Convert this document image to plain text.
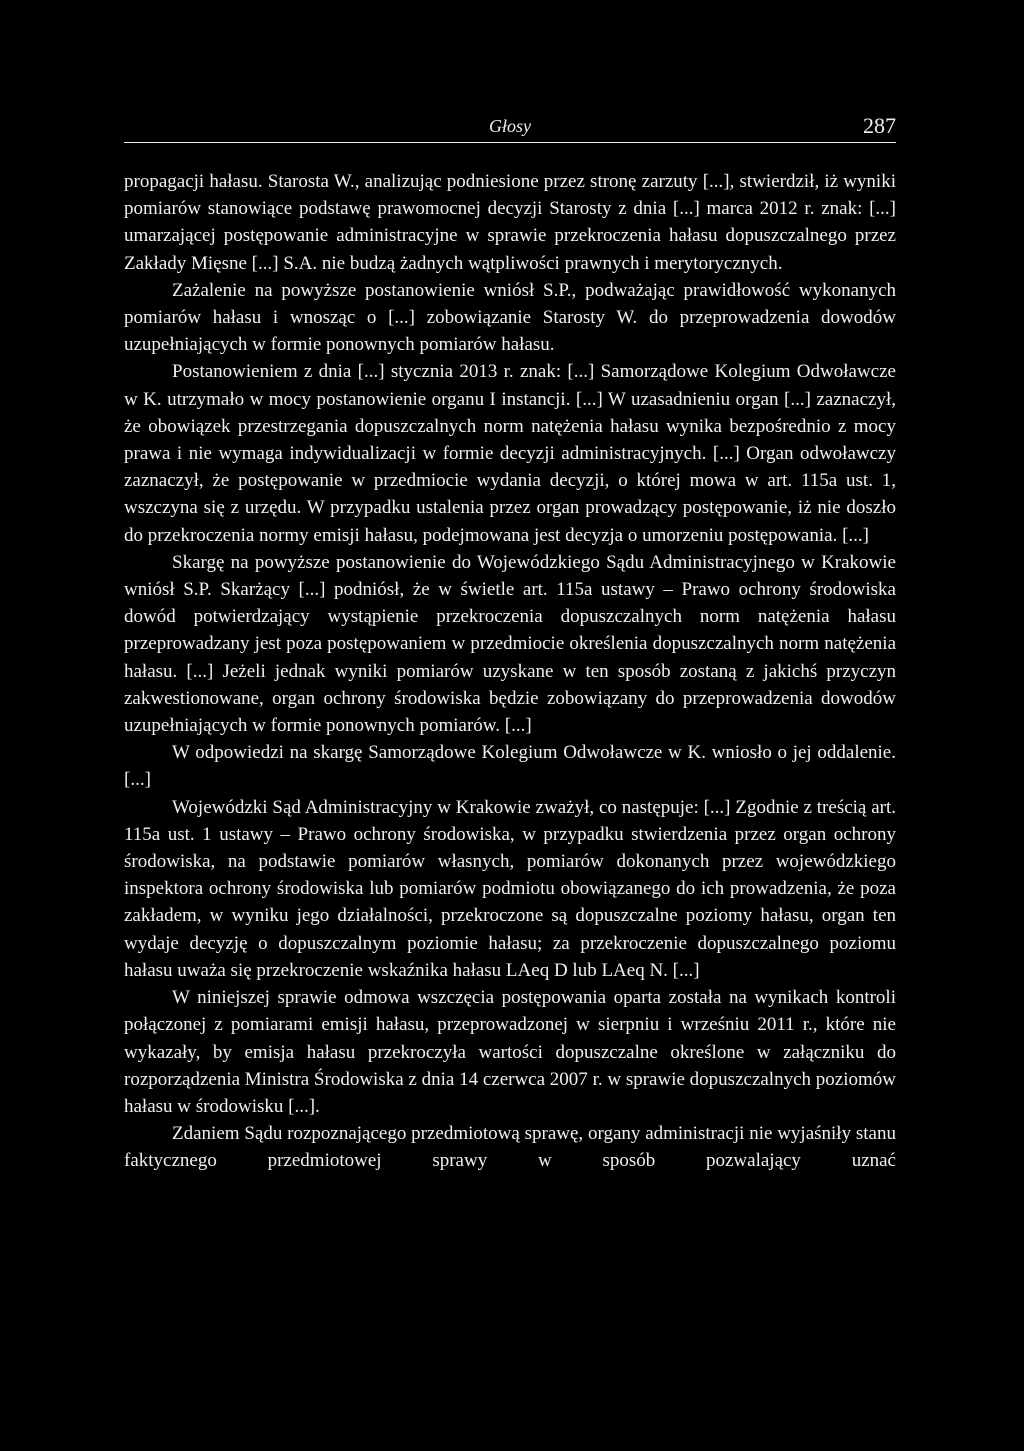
Głosy	287

propagacji hałasu. Starosta W., analizując podniesione przez stronę zarzuty [...], stwierdził, iż wyniki pomiarów stanowiące podstawę prawomocnej decyzji Starosty z dnia [...] marca 2012 r. znak: [...] umarzającej postępowanie administracyjne w sprawie przekroczenia hałasu dopuszczalnego przez Zakłady Mięsne [...] S.A. nie budzą żadnych wątpliwości prawnych i merytorycznych.

Zażalenie na powyższe postanowienie wniósł S.P., podważając prawidłowość wykonanych pomiarów hałasu i wnosząc o [...] zobowiązanie Starosty W. do przeprowadzenia dowodów uzupełniających w formie ponownych pomiarów hałasu.

Postanowieniem z dnia [...] stycznia 2013 r. znak: [...] Samorządowe Kolegium Odwoławcze w K. utrzymało w mocy postanowienie organu I instancji. [...] W uzasadnieniu organ [...] zaznaczył, że obowiązek przestrzegania dopuszczalnych norm natężenia hałasu wynika bezpośrednio z mocy prawa i nie wymaga indywidualizacji w formie decyzji administracyjnych. [...] Organ odwoławczy zaznaczył, że postępowanie w przedmiocie wydania decyzji, o której mowa w art. 115a ust. 1, wszczyna się z urzędu. W przypadku ustalenia przez organ prowadzący postępowanie, iż nie doszło do przekroczenia normy emisji hałasu, podejmowana jest decyzja o umorzeniu postępowania. [...]

Skargę na powyższe postanowienie do Wojewódzkiego Sądu Administracyjnego w Krakowie wniósł S.P. Skarżący [...] podniósł, że w świetle art. 115a ustawy – Prawo ochrony środowiska dowód potwierdzający wystąpienie przekroczenia dopuszczalnych norm natężenia hałasu przeprowadzany jest poza postępowaniem w przedmiocie określenia dopuszczalnych norm natężenia hałasu. [...] Jeżeli jednak wyniki pomiarów uzyskane w ten sposób zostaną z jakichś przyczyn zakwestionowane, organ ochrony środowiska będzie zobowiązany do przeprowadzenia dowodów uzupełniających w formie ponownych pomiarów. [...]

W odpowiedzi na skargę Samorządowe Kolegium Odwoławcze w K. wniosło o jej oddalenie. [...]

Wojewódzki Sąd Administracyjny w Krakowie zważył, co następuje: [...] Zgodnie z treścią art. 115a ust. 1 ustawy – Prawo ochrony środowiska, w przypadku stwierdzenia przez organ ochrony środowiska, na podstawie pomiarów własnych, pomiarów dokonanych przez wojewódzkiego inspektora ochrony środowiska lub pomiarów podmiotu obowiązanego do ich prowadzenia, że poza zakładem, w wyniku jego działalności, przekroczone są dopuszczalne poziomy hałasu, organ ten wydaje decyzję o dopuszczalnym poziomie hałasu; za przekroczenie dopuszczalnego poziomu hałasu uważa się przekroczenie wskaźnika hałasu LAeq D lub LAeq N. [...]

W niniejszej sprawie odmowa wszczęcia postępowania oparta została na wynikach kontroli połączonej z pomiarami emisji hałasu, przeprowadzonej w sierpniu i wrześniu 2011 r., które nie wykazały, by emisja hałasu przekroczyła wartości dopuszczalne określone w załączniku do rozporządzenia Ministra Środowiska z dnia 14 czerwca 2007 r. w sprawie dopuszczalnych poziomów hałasu w środowisku [...].

Zdaniem Sądu rozpoznającego przedmiotową sprawę, organy administracji nie wyjaśniły stanu faktycznego przedmiotowej sprawy w sposób pozwalający uznać
